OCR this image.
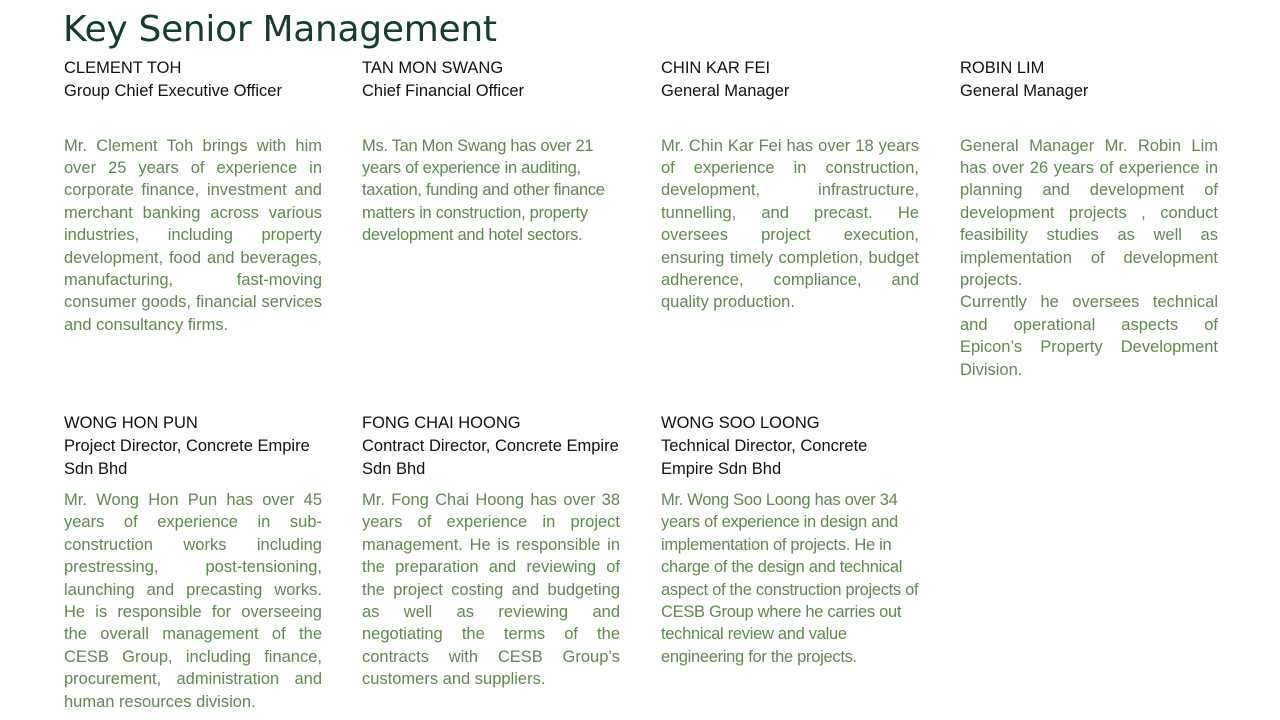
Key Senior Management
CLEMENT TOH
Group Chief Executive Officer
Mr. Clement Toh brings with him over 25 years of experience in corporate finance, investment and merchant banking across various industries, including property development, food and beverages, manufacturing, fast-moving consumer goods, financial services and consultancy firms.
TAN MON SWANG
Chief Financial Officer
Ms. Tan Mon Swang has over 21 years of experience in auditing, taxation, funding and other finance matters in construction, property development and hotel sectors.
CHIN KAR FEI
General Manager
Mr. Chin Kar Fei has over 18 years of experience in construction, development, infrastructure, tunnelling, and precast. He oversees project execution, ensuring timely completion, budget adherence, compliance, and quality production.
ROBIN LIM
General Manager
General Manager Mr. Robin Lim has over 26 years of experience in planning and development of development projects , conduct feasibility studies as well as implementation of development projects.
Currently he oversees technical and operational aspects of Epicon’s Property Development Division.
WONG HON PUN
Project Director, Concrete Empire Sdn Bhd
Mr. Wong Hon Pun has over 45 years of experience in sub-construction works including prestressing, post-tensioning, launching and precasting works. He is responsible for overseeing the overall management of the CESB Group, including finance, procurement, administration and human resources division.
FONG CHAI HOONG
Contract Director, Concrete Empire Sdn Bhd
Mr. Fong Chai Hoong has over 38 years of experience in project management. He is responsible in the preparation and reviewing of the project costing and budgeting as well as reviewing and negotiating the terms of the contracts with CESB Group’s customers and suppliers.
WONG SOO LOONG
Technical Director, Concrete Empire Sdn Bhd
Mr. Wong Soo Loong has over 34 years of experience in design and implementation of projects. He in charge of the design and technical aspect of the construction projects of CESB Group where he carries out technical review and value engineering for the projects.
